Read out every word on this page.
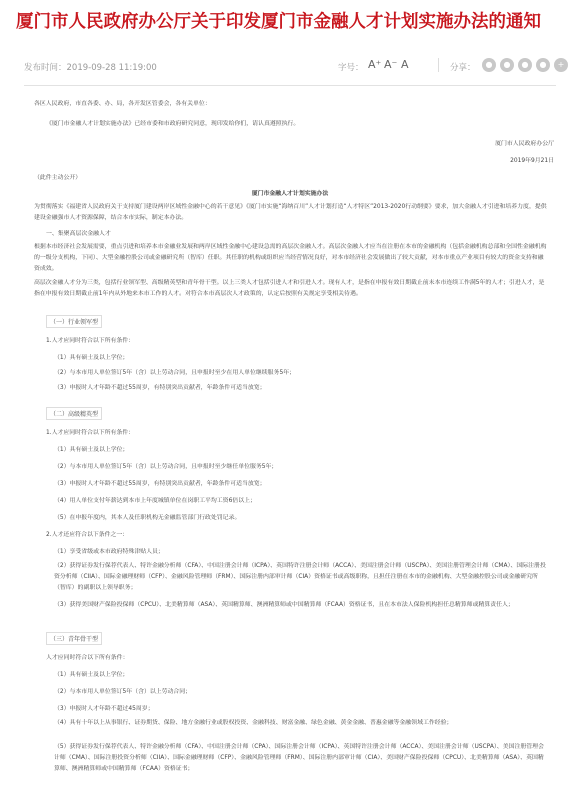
厦门市人民政府办公厅关于印发厦门市金融人才计划实施办法的通知
发布时间：2019-09-28 11:19:00	字号： A⁺ A⁻ A	分享：	●	●	●	●	+
各区人民政府，市直各委、办、局，各开发区管委会，各有关单位：
《厦门市金融人才计划实施办法》已经市委和市政府研究同意，现印发给你们，请认真遵照执行。
厦门市人民政府办公厅
2019年9月21日
（此件主动公开）
厦门市金融人才计划实施办法
为贯彻落实《福建省人民政府关于支持厦门建设两岸区域性金融中心的若干意见》《厦门市实施“海纳百川”人才计划打造“人才特区”2013-2020行动纲要》要求，加大金融人才引进和培养力度，提供建设金融强市人才资源保障，结合本市实际，制定本办法。
一、集聚高层次金融人才
根据本市经济社会发展需要，重点引进和培养本市金融业发展和两岸区域性金融中心建设急需的高层次金融人才。高层次金融人才应当在注册在本市的金融机构（包括金融机构总部和全国性金融机构的一级分支机构，下同）、大型金融控股公司或金融研究所（智库）任职。其任职的机构或组织应当经营情况良好，对本市经济社会发展做出了较大贡献，对本市重点产业项目有较大的资金支持和融资成效。
高层次金融人才分为三类，包括行业领军型、高级精英型和青年骨干型。以上三类人才包括引进人才和引进人才。现有人才，是指在申报有效日期截止前未本市连续工作满5年的人才；引进人才，是指在申报有效日期截止前1年内从外地来本市工作的人才。对符合本市高层次人才政策的，认定后按照有关规定享受相关待遇。
（一）行业领军型
1.人才应同时符合以下所有条件：
（1）具有硕士及以上学位；
（2）与本市用人单位签订5年（含）以上劳动合同，且申报时至少在用人单位继续服务5年；
（3）申报时人才年龄不超过55周岁，有特别突出贡献者，年龄条件可适当放宽；
（二）高级精英型
1.人才应同时符合以下所有条件：
（1）具有硕士及以上学位；
（2）与本市用人单位签订5年（含）以上劳动合同，且申报时至少继任单位服务5年；
（3）申报时人才年龄不超过55周岁，有特别突出贡献者，年龄条件可适当放宽；
（4）用人单位支付年薪达到本市上年度城镇单位在岗职工平均工资6倍以上；
（5）在申报年度内，其本人及任职机构无金融监管部门行政处罚记录。
2.人才还应符合以下条件之一：
（1）享受省级或本市政府特殊津贴人员；
（2）获得证券发行保荐代表人、特许金融分析师（CFA）、中国注册会计师（ICPA）、英国特许注册会计师（ACCA）、美国注册会计师（USCPA）、美国注册管理会计师（CMA）、国际注册投资分析师（CIIA）、国际金融理财师（CFP）、金融风险管理师（FRM）、国际注册内部审计师（CIA）资格证书或高级职称，且担任注册在本市的金融机构、大型金融控股公司或金融研究所（智库）的副职以上领导职务；
（3）获得美国财产保险投保师（CPCU）、北美精算师（ASA）、英国精算师、澳洲精算师或中国精算师（FCAA）资格证书，且在本市法人保险机构担任总精算师或精算责任人；
（三）青年骨干型
人才应同时符合以下所有条件：
（1）具有硕士及以上学位；
（2）与本市用人单位签订5年（含）以上劳动合同；
（3）申报时人才年龄不超过45周岁；
（4）具有十年以上从事银行、证券期货、保险、地方金融行业或股权投资、金融科技、财富金融、绿色金融、黄金金融、普惠金融等金融领域工作经验；
（5）获得证券发行保荐代表人、特许金融分析师（CFA）、中国注册会计师（CPA）、国际注册会计师（ICPA）、英国特许注册会计师（ACCA）、美国注册会计师（USCPA）、美国注册管理会计师（CMA）、国际注册投资分析师（CIIA）、国际金融理财师（CFP）、金融风险管理师（FRM）、国际注册内部审计师（CIA）、美国财产保险投保师（CPCU）、北美精算师（ASA）、英国精算师、澳洲精算师或中国精算师（FCAA）资格证书；
